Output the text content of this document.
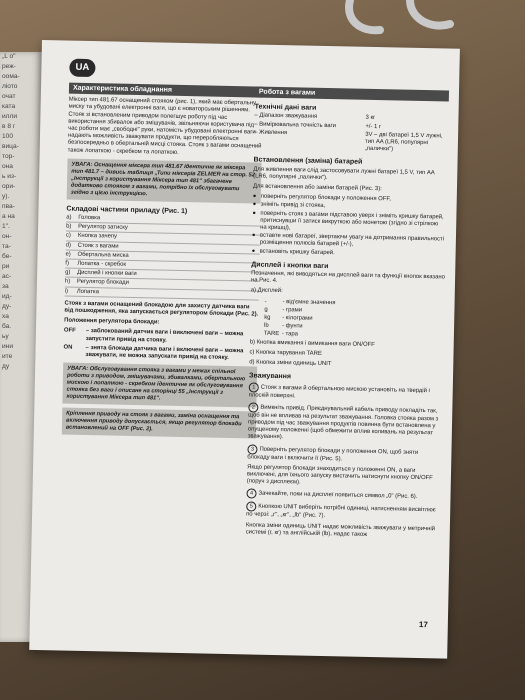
„L o"
реж-
оома-
ліото
очат
ката
илли
в 8 г
100
вица-
тор-
она
ь из-
ори-
у).
пва-
а на
1".
он-
та-
бе-
ри
ас-
за
ид-
ду-
ха
ба.
ьу
ини
ите
ду
UA
Характеристика обладнання

Міксер тип 481.67 оснащений стояком (рис. 1), який має обертальну миску та убудовані електронні ваги, що є новаторським рішенням. Стояк зі встановленим приводом полегшує роботу під час використання збивалок або змішувачів, звільняючи користувача під час роботи має „свободні" руки, натомість убудовані електронні ваги надають можливість зважувати продукти, що переробляються безпосередньо в обертальній мисці стояка. Стояк з вагами оснащений також лопаткою - скребком та лопаткою.

УВАГА: Оснащення міксера тип 481.67 ідентичне як міксера тип 481.7 – дивись таблиця „Типи міксерів ZELMER на стор. 52 „Інструкції з користування Міксера тип 481" збагачене додатково стояком з вагами, потрібно їх обслуговувати згідно з цією інструкцією.
Складові частини приладу (Рис. 1)
a)	Головка
b)	Регулятор затиску
c)	Кнопка зачепу
d)	Стояк з вагами
e)	Обертальна миска
f)	Лопатка - скребок
g)	Дисплей і кнопки ваги
h)	Регулятор блокади
i)	Лопатка

Стояк з вагами оснащений блокадою для захисту датчика ваги від пошкодження, яка запускається регулятором блокади (Рис. 2).

Положення регулятора блокади:

OFF	– заблокований датчик ваги і виключені ваги – можна запустити привід на стояку.
ON	– знята блокада датчика ваги і включені ваги – можна зважувати, не можна запускати привід на стояку.
УВАГА: Обслуговування стояка з вагами у межах спільної роботи з приводом, змішувачами, збивалками, обертальною мискою і лопаткою - скребком ідентичне як обслуговування стояка без ваги і описане на сторінці 55 „Інструкції з користування Міксера тип 481".
Кріплення приводу на стояк з вагами, заміна оснащення та включення приводу допускається, якщо регулятор блокади встановлений на OFF (Рис. 2).
Робота з вагами
Технічні дані ваги
– Діапазон зважування	3 кг
– Вимірювальна точність ваги	+/- 1 г
– Живлення	3V – дві батареї 1,5 V лужні, тип AA (LR6, популярні „палички")
Встановлення (заміна) батарей

Для живлення ваги слід застосовувати лужні батареї 1,5 V, тип AA (LR6, популярні „палички").

Для встановлення або заміни батарей (Рис. 3):

● поверніть регулятор блокади у положення OFF,
● зніміть привід зі стояка,
● поверніть стояк з вагами підставою уверх і зніміть кришку батарей, притиснувши її затиск викруткою або монетою (згідно зі стрілкою на кришці),
● вставте нові батареї, звертаючи увагу на дотримання правильності розміщення полюсів батарей (+/-),
● встановіть кришку батарей.
Дисплей і кнопки ваги

Позначення, які виводяться на дисплей ваги та функції кнопок вказано на Рис. 4.

a) Дисплей:

-	- від'ємне значення
g	- грами
kg	- кілограми
lb	- фунти
TARE - тара

b) Кнопка вмикання і вимикання ваги ON/OFF

c) Кнопка тарування TARE

d) Кнопка зміни одиниць UNIT

Зважування

1 Стояк з вагами й обертальною мискою установіть на твердій і плоскій поверхні.

2 Вимкніть привід. Приєднувальний кабель приводу покладіть так, щоб він не впливав на результат зважування. Головка стояка разом з приводом під час зважування продуктів повинна бути встановлена у опущеному положенні (щоб обмежити вплив коливань на результат зважування).

3 Поверніть регулятор блокади у положення ON, щоб зняти блокаду ваги і включити її (Рис. 5).

Якщо регулятор блокади знаходиться у положенні ON, а ваги виключені, для їхнього запуску вистачить натиснути кнопку ON/OFF (поруч з дисплеєм).

4 Зачекайте, поки на дисплеї появиться символ „0" (Рис. 6).

5 Кнопкою UNIT виберіть потрібні одиниці, натисненням висвітлює по черзі: „г", „кг", „lb" (Рис. 7).

Кнопка зміни одиниць UNIT надає можливість зважувати у метричній системі (г, кг) та англійській (lb), надає також

17
